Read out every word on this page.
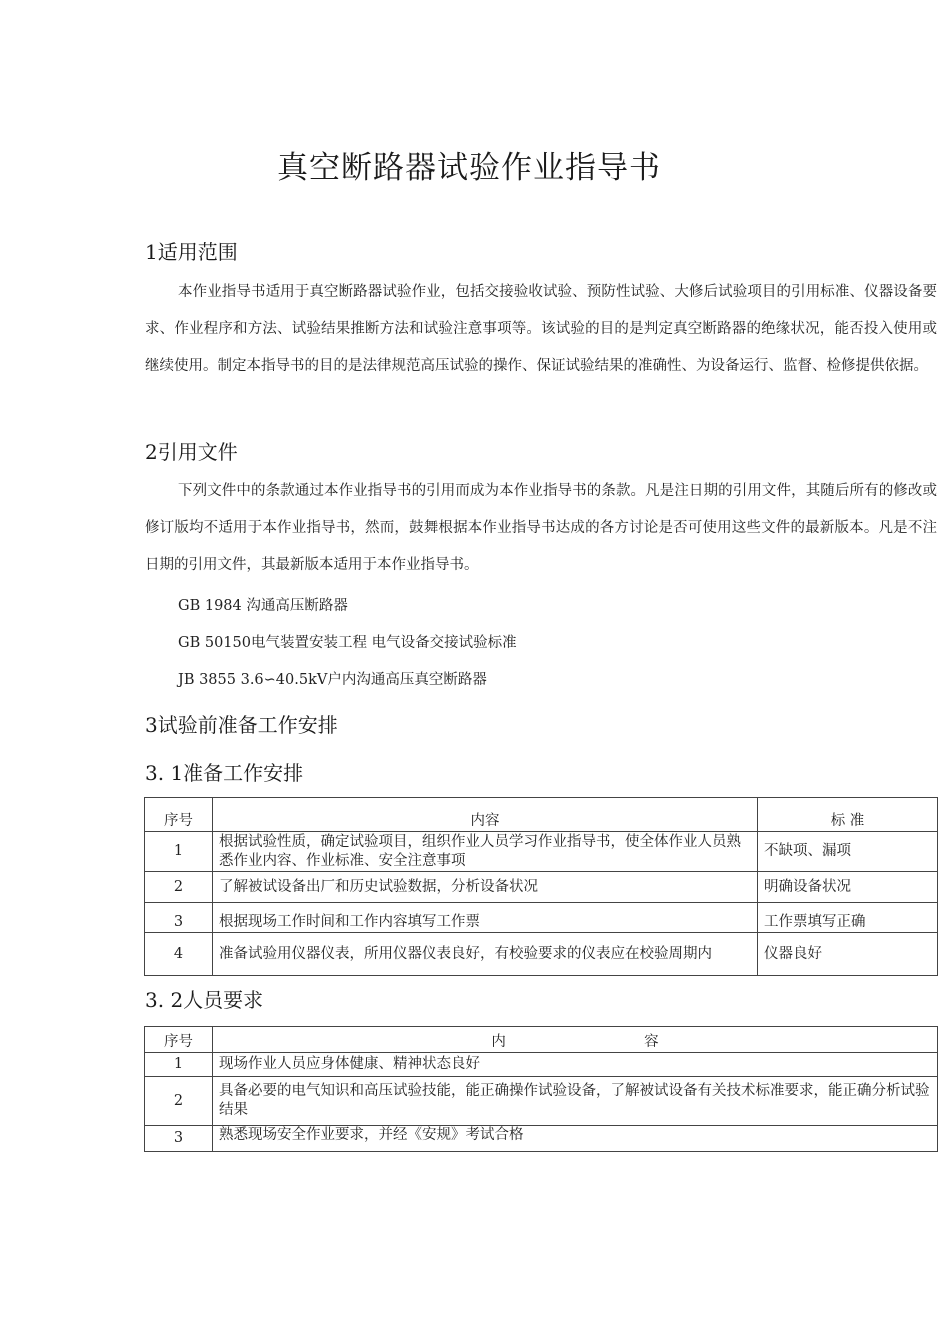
真空断路器试验作业指导书
1适用范围

本作业指导书适用于真空断路器试验作业，包括交接验收试验、预防性试验、大修后试验项目的引用标准、仪器设备要求、作业程序和方法、试验结果推断方法和试验注意事项等。该试验的目的是判定真空断路器的绝缘状况，能否投入使用或继续使用。制定本指导书的目的是法律规范高压试验的操作、保证试验结果的准确性、为设备运行、监督、检修提供依据。

2引用文件

下列文件中的条款通过本作业指导书的引用而成为本作业指导书的条款。凡是注日期的引用文件，其随后所有的修改或修订版均不适用于本作业指导书，然而，鼓舞根据本作业指导书达成的各方讨论是否可使用这些文件的最新版本。凡是不注日期的引用文件，其最新版本适用于本作业指导书。

GB 1984 沟通高压断路器
GB 50150电气装置安装工程 电气设备交接试验标准
JB 3855 3.6∽40.5kV户内沟通高压真空断路器
3试验前准备工作安排
3. 1准备工作安排
序号	内容	标 准
1	根据试验性质，确定试验项目，组织作业人员学习作业指导书，使全体作业人员熟悉作业内容、作业标准、安全注意事项	不缺项、漏项
2	了解被试设备出厂和历史试验数据，分析设备状况	明确设备状况
3	根据现场工作时间和工作内容填写工作票	工作票填写正确
4	准备试验用仪器仪表，所用仪器仪表良好，有校验要求的仪表应在校验周期内	仪器良好
3. 2人员要求
序号	内                              容
1	现场作业人员应身体健康、精神状态良好
2	具备必要的电气知识和高压试验技能，能正确操作试验设备，了解被试设备有关技术标准要求，能正确分析试验结果
3	熟悉现场安全作业要求，并经《安规》考试合格
